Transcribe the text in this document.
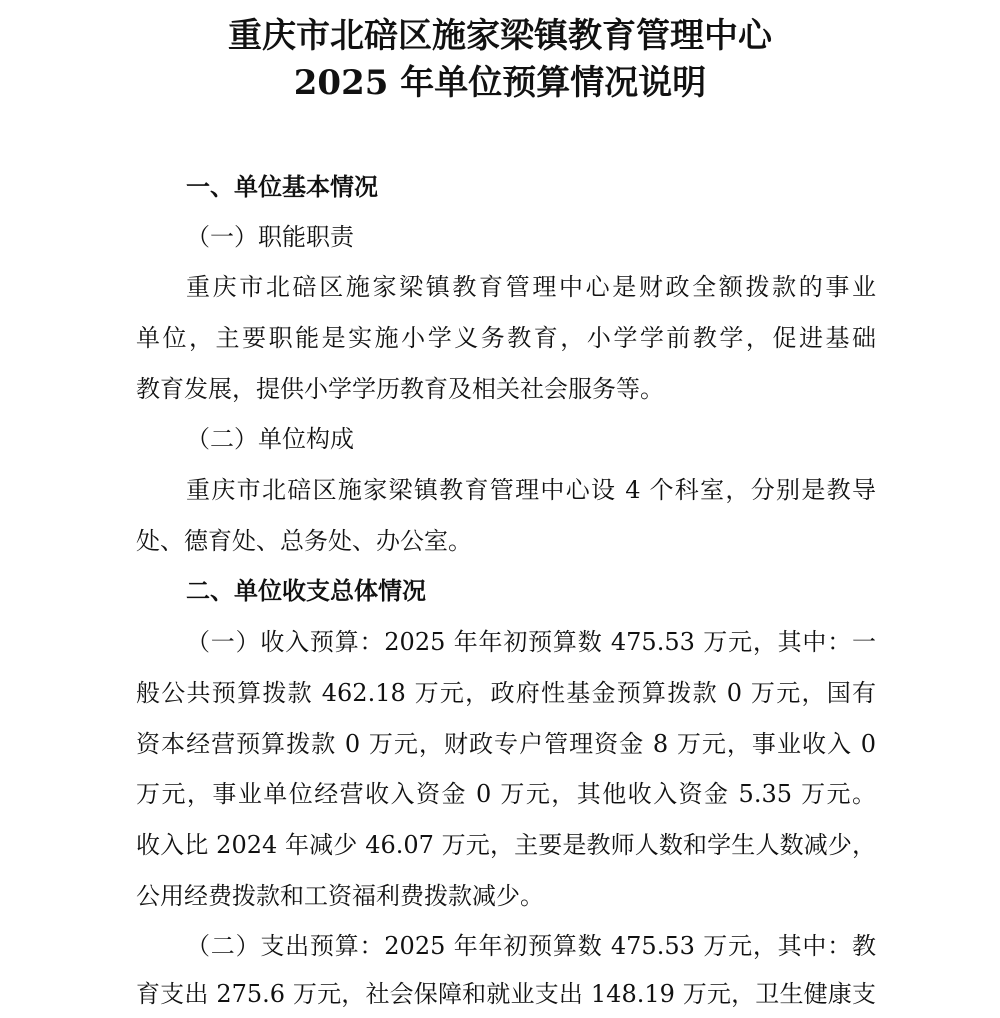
重庆市北碚区施家梁镇教育管理中心
2025 年单位预算情况说明
一、单位基本情况
（一）职能职责
重庆市北碚区施家梁镇教育管理中心是财政全额拨款的事业
单位，主要职能是实施小学义务教育，小学学前教学，促进基础
教育发展，提供小学学历教育及相关社会服务等。
（二）单位构成
重庆市北碚区施家梁镇教育管理中心设 4 个科室，分别是教导
处、德育处、总务处、办公室。
二、单位收支总体情况
（一）收入预算：2025 年年初预算数 475.53 万元，其中：一
般公共预算拨款 462.18 万元，政府性基金预算拨款 0 万元，国有
资本经营预算拨款 0 万元，财政专户管理资金 8 万元，事业收入 0
万元，事业单位经营收入资金 0 万元，其他收入资金 5.35 万元。
收入比 2024 年减少 46.07 万元，主要是教师人数和学生人数减少，
公用经费拨款和工资福利费拨款减少。
（二）支出预算：2025 年年初预算数 475.53 万元，其中：教
育支出 275.6 万元，社会保障和就业支出 148.19 万元，卫生健康支
